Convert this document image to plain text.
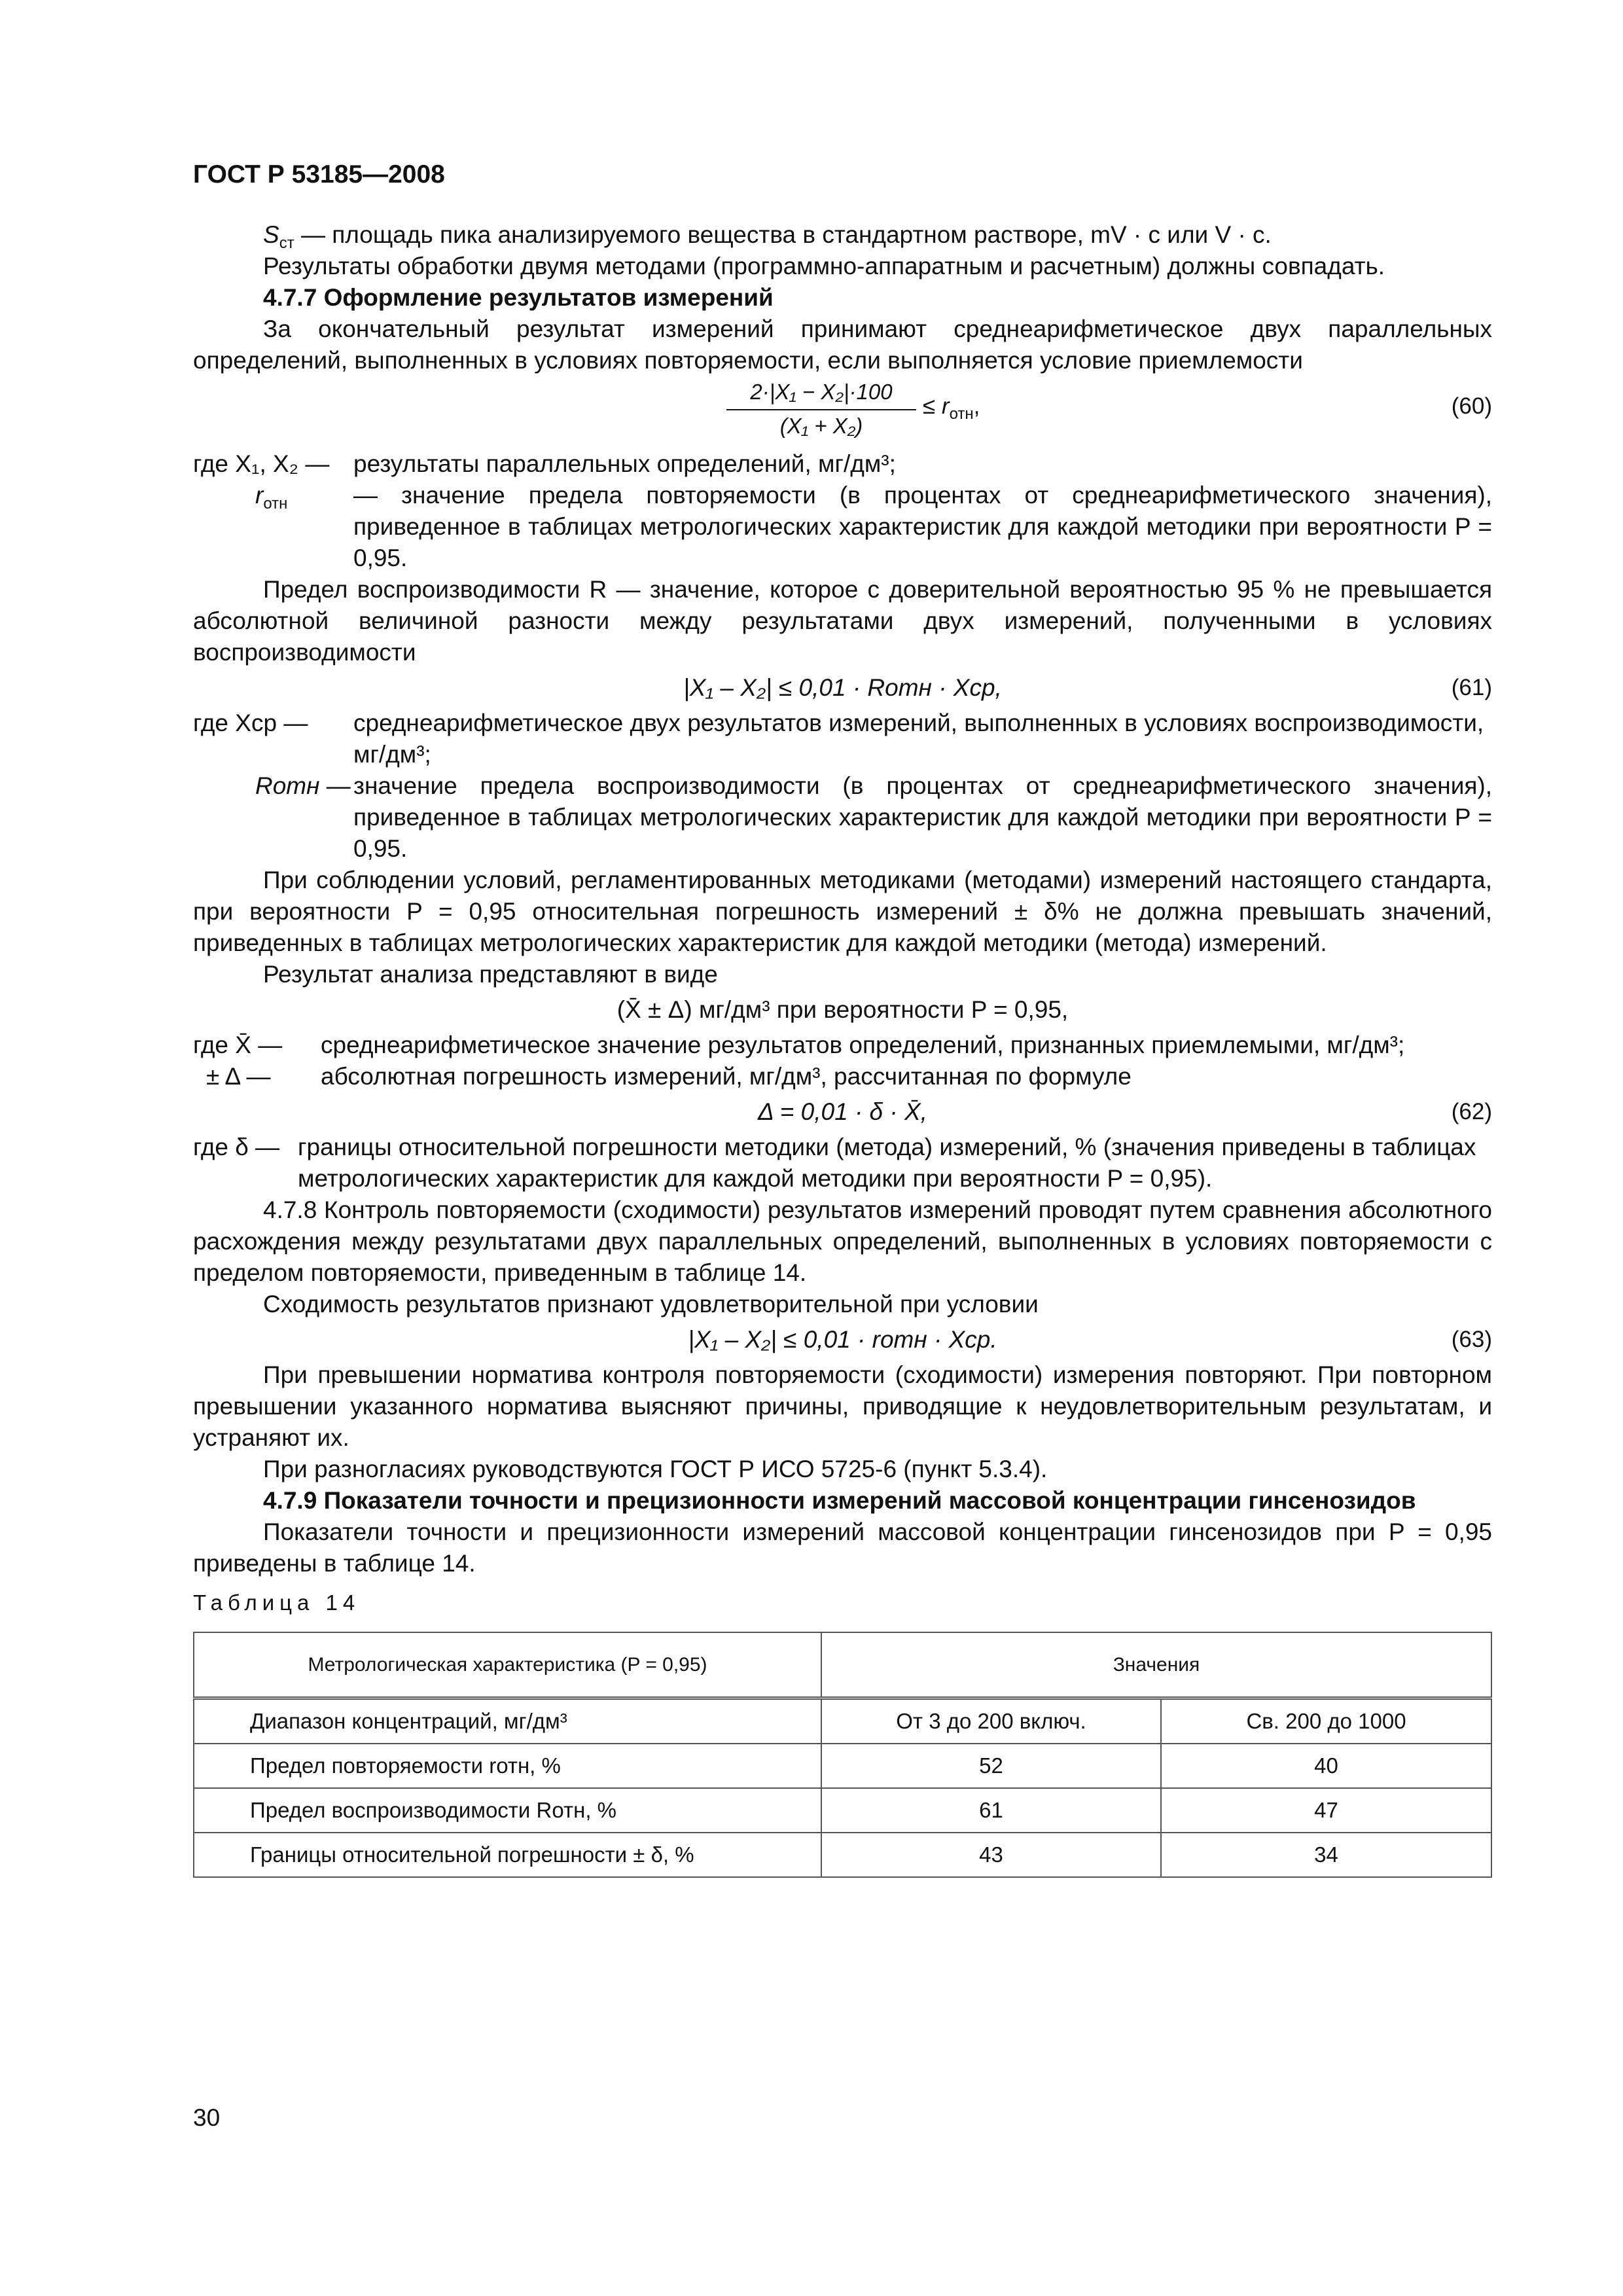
ГОСТ Р 53185—2008

$S_{ст}$ — площадь пика анализируемого вещества в стандартном растворе, mV · с или V · с.

Результаты обработки двумя методами (программно-аппаратным и расчетным) должны совпадать.

4.7.7 Оформление результатов измерений

За окончательный результат измерений принимают среднеарифметическое двух параллельных определений, выполненных в условиях повторяемости, если выполняется условие приемлемости

$\frac{\text{2·|X₁ − X₂|·100}}{\text{(X₁ + X₂)}} \le r_{отн}$,	(60)
где X₁, X₂ — результаты параллельных определений, мг/дм³;
$r_{отн}$	— значение предела повторяемости (в процентах от среднеарифметического значения), приведенное в таблицах метрологических характеристик для каждой методики при вероятности P = 0,95.

Предел воспроизводимости R — значение, которое с доверительной вероятностью 95 % не превышается абсолютной величиной разности между результатами двух измерений, полученными в условиях воспроизводимости

|X₁ – X₂| ≤ 0,01 · Rотн · Xср,	(61)
где Xср — среднеарифметическое двух результатов измерений, выполненных в условиях воспроизводимости, мг/дм³;
Rотн — значение предела воспроизводимости (в процентах от среднеарифметического значения), приведенное в таблицах метрологических характеристик для каждой методики при вероятности P = 0,95.

При соблюдении условий, регламентированных методиками (методами) измерений настоящего стандарта, при вероятности P = 0,95 относительная погрешность измерений ± δ% не должна превышать значений, приведенных в таблицах метрологических характеристик для каждой методики (метода) измерений.

Результат анализа представляют в виде

(X̄ ± Δ) мг/дм³ при вероятности P = 0,95,
где X̄ — среднеарифметическое значение результатов определений, признанных приемлемыми, мг/дм³;
± Δ — абсолютная погрешность измерений, мг/дм³, рассчитанная по формуле
Δ = 0,01 · δ · X̄,	(62)
где δ — границы относительной погрешности методики (метода) измерений, % (значения приведены в таблицах метрологических характеристик для каждой методики при вероятности P = 0,95).

4.7.8 Контроль повторяемости (сходимости) результатов измерений проводят путем сравнения абсолютного расхождения между результатами двух параллельных определений, выполненных в условиях повторяемости с пределом повторяемости, приведенным в таблице 14.

Сходимость результатов признают удовлетворительной при условии

|X₁ – X₂| ≤ 0,01 · rотн · Xср.	(63)

При превышении норматива контроля повторяемости (сходимости) измерения повторяют. При повторном превышении указанного норматива выясняют причины, приводящие к неудовлетворительным результатам, и устраняют их.

При разногласиях руководствуются ГОСТ Р ИСО 5725-6 (пункт 5.3.4).

4.7.9 Показатели точности и прецизионности измерений массовой концентрации гинсенозидов

Показатели точности и прецизионности измерений массовой концентрации гинсенозидов при P = 0,95 приведены в таблице 14.

Таблица 14
Метрологическая характеристика (P = 0,95)	Значения	
Диапазон концентраций, мг/дм³	От 3 до 200 включ.	Св. 200 до 1000
Предел повторяемости rотн, %	52	40
Предел воспроизводимости Rотн, %	61	47
Границы относительной погрешности ± δ, %	43	34
30
